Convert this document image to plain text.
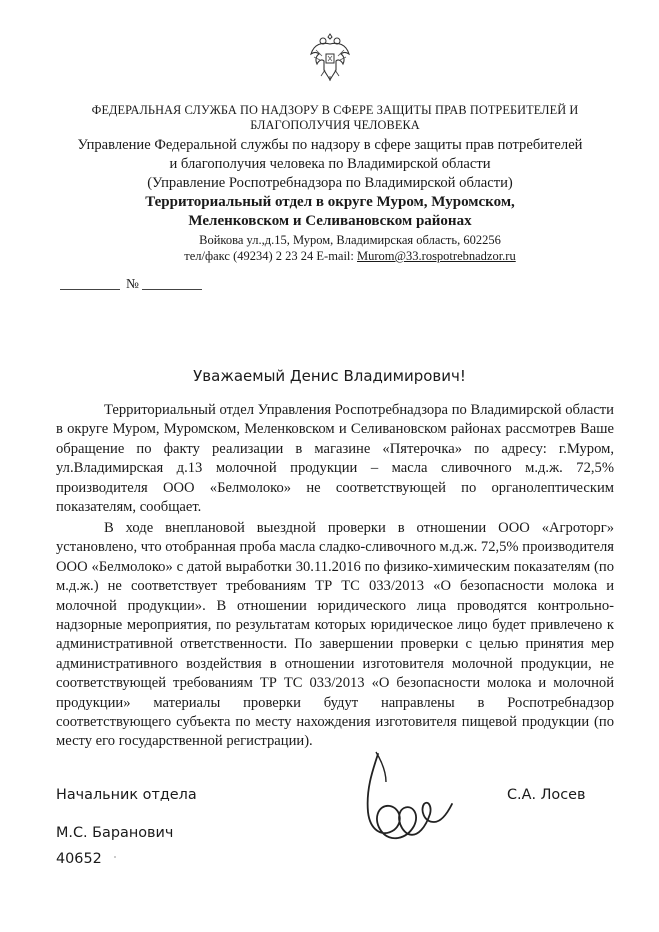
ФЕДЕРАЛЬНАЯ СЛУЖБА ПО НАДЗОРУ В СФЕРЕ ЗАЩИТЫ ПРАВ ПОТРЕБИТЕЛЕЙ И
БЛАГОПОЛУЧИЯ ЧЕЛОВЕКА
Управление Федеральной службы по надзору в сфере защиты прав потребителей
и благополучия человека по Владимирской области
(Управление Роспотребнадзора по Владимирской области)
Территориальный отдел в округе Муром, Муромском,
Меленковском и Селивановском районах
Войкова ул.,д.15, Муром, Владимирская область, 602256
тел/факс (49234) 2 23 24 E-mail: Murom@33.rospotrebnadzor.ru
№
Уважаемый Денис Владимирович!
Территориальный отдел Управления Роспотребнадзора по Владимирской области в округе Муром, Муромском, Меленковском и Селивановском районах рассмотрев Ваше обращение по факту реализации в магазине «Пятерочка» по адресу: г.Муром, ул.Владимирская д.13 молочной продукции – масла сливочного м.д.ж. 72,5% производителя ООО «Белмолоко» не соответствующей по органолептическим показателям, сообщает.
В ходе внеплановой выездной проверки в отношении ООО «Агроторг» установлено, что отобранная проба масла сладко-сливочного м.д.ж. 72,5% производителя ООО «Белмолоко» с датой выработки 30.11.2016 по физико-химическим показателям (по м.д.ж.) не соответствует требованиям ТР ТС 033/2013 «О безопасности молока и молочной продукции». В отношении юридического лица проводятся контрольно-надзорные мероприятия, по результатам которых юридическое лицо будет привлечено к административной ответственности. По завершении проверки с целью принятия мер административного воздействия в отношении изготовителя молочной продукции, не соответствующей требованиям ТР ТС 033/2013 «О безопасности молока и молочной продукции» материалы проверки будут направлены в Роспотребнадзор соответствующего субъекта по месту нахождения изготовителя пищевой продукции (по месту его государственной регистрации).
Начальник отдела	С.А. Лосев
М.С. Баранович
40652
